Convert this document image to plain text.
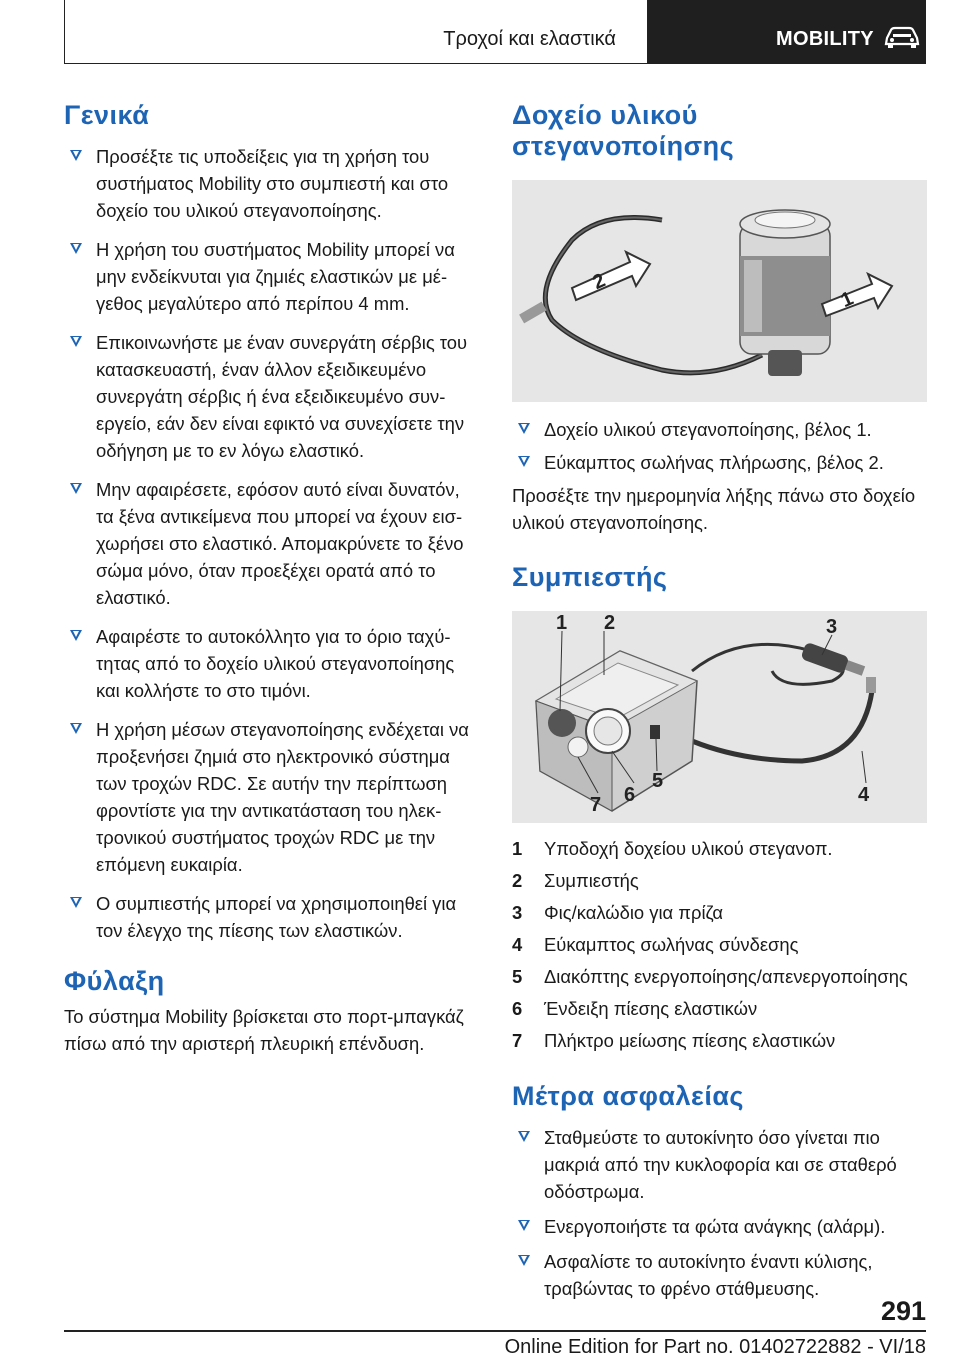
Τροχοί και ελαστικά	MOBILITY
Γενικά
Προσέξτε τις υποδείξεις για τη χρήση του συστήματος Mobility στο συμπιεστή και στο δοχείο του υλικού στεγανοποίησης.
Η χρήση του συστήματος Mobility μπορεί να μην ενδείκνυται για ζημιές ελαστικών με μέγεθος μεγαλύτερο από περίπου 4 mm.
Επικοινωνήστε με έναν συνεργάτη σέρβις του κατασκευαστή, έναν άλλον εξειδικευμένο συνεργάτη σέρβις ή ένα εξειδικευμένο συνεργείο, εάν δεν είναι εφικτό να συνεχίσετε την οδήγηση με το εν λόγω ελαστικό.
Μην αφαιρέσετε, εφόσον αυτό είναι δυνατόν, τα ξένα αντικείμενα που μπορεί να έχουν εισχωρήσει στο ελαστικό. Απομακρύνετε το ξένο σώμα μόνο, όταν προεξέχει ορατά από το ελαστικό.
Αφαιρέστε το αυτοκόλλητο για το όριο ταχύτητας από το δοχείο υλικού στεγανοποίησης και κολλήστε το στο τιμόνι.
Η χρήση μέσων στεγανοποίησης ενδέχεται να προξενήσει ζημιά στο ηλεκτρονικό σύστημα των τροχών RDC. Σε αυτήν την περίπτωση φροντίστε για την αντικατάσταση του ηλεκτρονικού συστήματος τροχών RDC με την επόμενη ευκαιρία.
Ο συμπιεστής μπορεί να χρησιμοποιηθεί για τον έλεγχο της πίεσης των ελαστικών.
Φύλαξη

Το σύστημα Mobility βρίσκεται στο πορτ-μπαγκάζ πίσω από την αριστερή πλευρική επένδυση.

Δοχείο υλικού στεγανοποίησης
2
1
Δοχείο υλικού στεγανοποίησης, βέλος 1.
Εύκαμπτος σωλήνας πλήρωσης, βέλος 2.

Προσέξτε την ημερομηνία λήξης πάνω στο δοχείο υλικού στεγανοποίησης.

Συμπιεστής
1 2	3
4
5
6
7
1 Υποδοχή δοχείου υλικού στεγανοπ.
2 Συμπιεστής
3 Φις/καλώδιο για πρίζα
4 Εύκαμπτος σωλήνας σύνδεσης
5 Διακόπτης ενεργοποίησης/απενεργοποίησης
6 Ένδειξη πίεσης ελαστικών
7 Πλήκτρο μείωσης πίεσης ελαστικών
Μέτρα ασφαλείας
Σταθμεύστε το αυτοκίνητο όσο γίνεται πιο μακριά από την κυκλοφορία και σε σταθερό οδόστρωμα.
Ενεργοποιήστε τα φώτα ανάγκης (αλάρμ).
Ασφαλίστε το αυτοκίνητο έναντι κύλισης, τραβώντας το φρένο στάθμευσης.
291
Online Edition for Part no. 01402722882 - VI/18
